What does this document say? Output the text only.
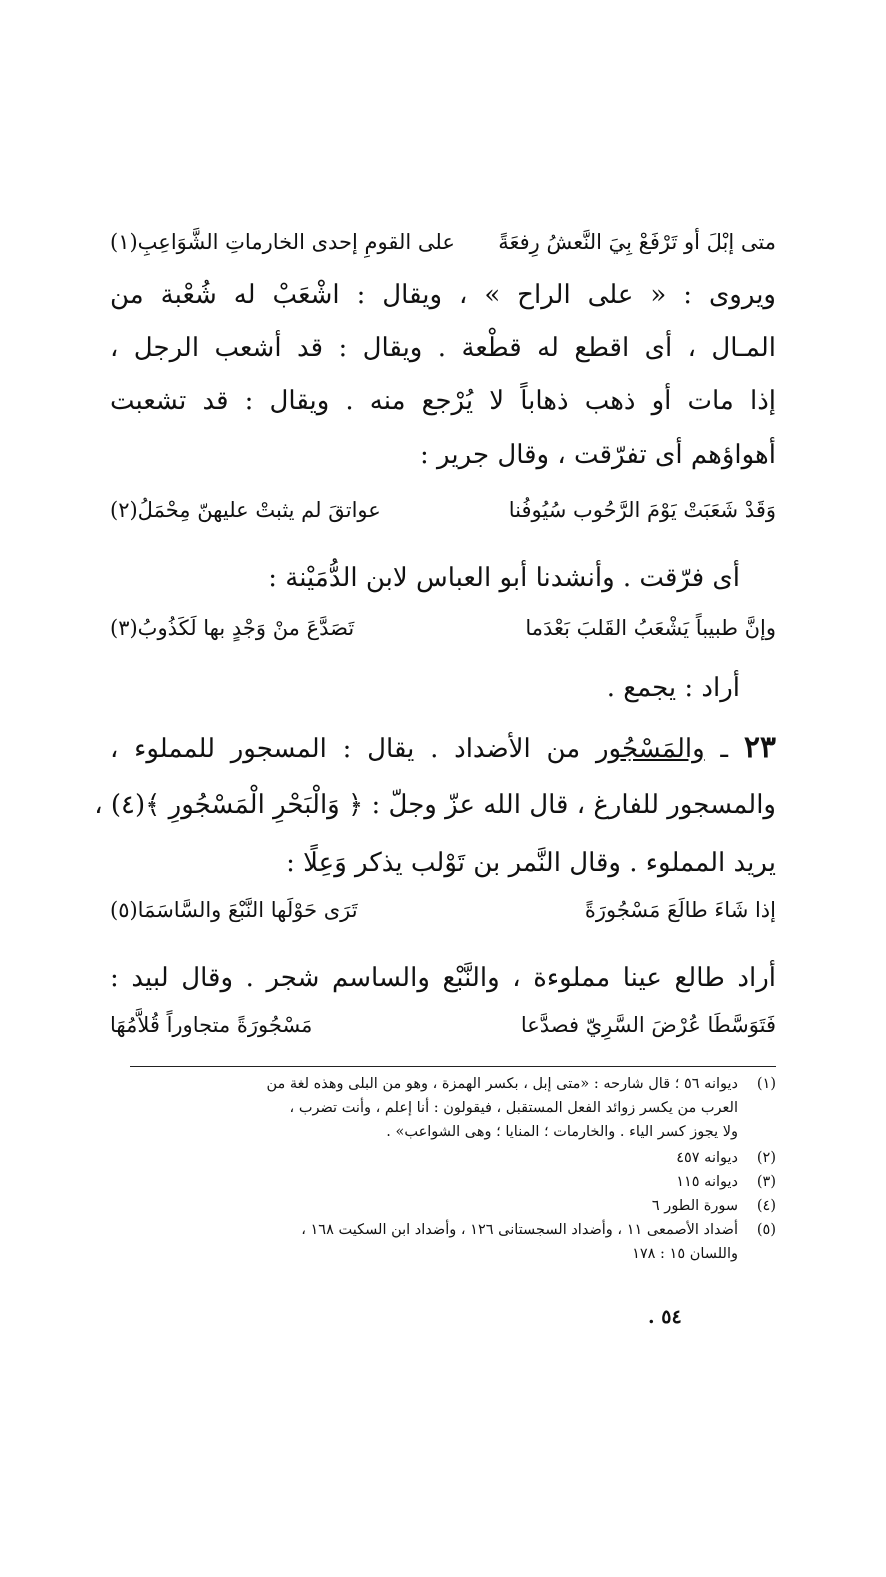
متى إبْلَ أو تَرْفَعْ بِيَ النَّعشُ رِفعَةً
على القومِ إحدى الخارماتِ الشَّوَاعِبِ(١)
ويروى : « على الراح » ، ويقال : اشْعَبْ له شُعْبة من
المـال ، أى اقطع له قطْعة . ويقال : قد أشعب الرجل ،
إذا مات أو ذهب ذهاباً لا يُرْجع منه . ويقال : قد تشعبت
أهواؤهم أى تفرّقت ، وقال جرير :
وَقَدْ شَعَبَتْ يَوْمَ الرَّحُوب سُيُوفُنا
عواتقَ لم يثبتْ عليهنّ مِحْمَلُ(٢)
أى فرّقت . وأنشدنا أبو العباس لابن الدُّمَيْنة :
وإنَّ طبيباً يَشْعَبُ القَلبَ بَعْدَما
تَصَدَّعَ منْ وَجْدٍ بها لَكَذُوبُ(٣)
أراد : يجمع .
٢٣ ـ والمَسْجُور من الأضداد . يقال : المسجور للمملوء ،
والمسجور للفارغ ، قال الله عزّ وجلّ : ﴿ وَالْبَحْرِ الْمَسْجُورِ ﴾(٤) ،
يريد المملوء . وقال النَّمر بن تَوْلب يذكر وَعِلًا :
إذا شَاءَ طالَعَ مَسْجُورَةً
تَرَى حَوْلَها النَّبْعَ والسَّاسَمَا(٥)
أراد طالع عينا مملوءة ، والنَّبْع والساسم شجر . وقال لبيد :
فَتَوَسَّطَا عُرْضَ السَّرِيّ فصدَّعا
مَسْجُورَةً متجاوراً قُلاَّمُهَا
(١)ديوانه ٥٦ ؛ قال شارحه : «متى إبل ، بكسر الهمزة ، وهو من البلى وهذه لغة من
العرب من يكسر زوائد الفعل المستقبل ، فيقولون : أنا إعلم ، وأنت تضرب ،
ولا يجوز كسر الياء . والخارمات ؛ المنايا ؛ وهى الشواعب» .
(٢)ديوانه ٤٥٧
(٣)ديوانه ١١٥
(٤)سورة الطور ٦
(٥)أضداد الأصمعى ١١ ، وأضداد السجستانى ١٢٦ ، وأضداد ابن السكيت ١٦٨ ،
واللسان ١٥ : ١٧٨
٥٤ .
